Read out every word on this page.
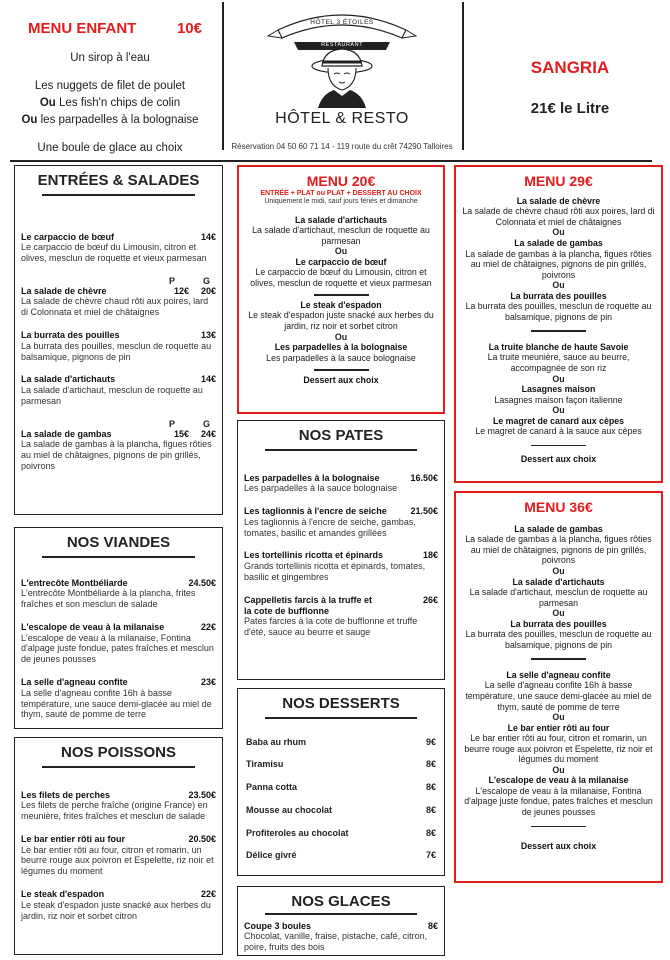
MENU ENFANT	10€
Un sirop à l'eau
Les nuggets de filet de poulet
Ou Les fish'n chips de colin
Ou les parpadelles à la bolognaise
Une boule de glace au choix
HÔTEL 3 ÉTOILES
RESTAURANT
HÔTEL & RESTO
Réservation 04 50 60 71 14 - 119 route du crêt 74290 Talloires
SANGRIA
21€ le Litre
ENTRÉES & SALADES
Le carpaccio de bœuf	14€
Le carpaccio de bœuf du Limousin, citron et olives, mesclun de roquette et vieux parmesan
P	G
La salade de chèvre	12€ 20€
La salade de chèvre chaud rôti aux poires, lard di Colonnata et miel de châtaignes
La burrata des pouilles	13€
La burrata des pouilles, mesclun de roquette au balsamique, pignons de pin
La salade d'artichauts	14€
La salade d'artichaut, mesclun de roquette au parmesan
P	G
La salade de gambas	15€ 24€
La salade de gambas à la plancha, figues rôties au miel de châtaignes, pignons de pin grillés, poivrons
NOS VIANDES
L'entrecôte Montbéliarde	24.50€
L'entrecôte Montbéliarde à la plancha, frites fraîches et son mesclun de salade
L'escalope de veau à la milanaise	22€
L'escalope de veau à la milanaise, Fontina d'alpage juste fondue, pates fraîches et mesclun de jeunes pousses
La selle d'agneau confite	23€
La selle d'agneau confite 16h à basse température, une sauce demi-glacée au miel de thym, sauté de pomme de terre
NOS POISSONS
Les filets de perches	23.50€
Les filets de perche fraîche (origine France) en meunière, frites fraîches et mesclun de salade
Le bar entier rôti au four	20.50€
Le bar entier rôti au four, citron et romarin, un beurre rouge aux poivron et Espelette, riz noir et légumes du moment
Le steak d'espadon	22€
Le steak d'espadon juste snacké aux herbes du jardin, riz noir et sorbet citron
MENU 20€
ENTRÉE + PLAT ou PLAT + DESSERT AU CHOIX
Uniquement le midi, sauf jours fériés et dimanche
La salade d'artichauts
La salade d'artichaut, mesclun de roquette au parmesan
Ou
Le carpaccio de bœuf
Le carpaccio de bœuf du Limousin, citron et olives, mesclun de roquette et vieux parmesan
Le steak d'espadon
Le steak d'espadon juste snacké aux herbes du jardin, riz noir et sorbet citron
Ou
Les parpadelles à la bolognaise
Les parpadelles à la sauce bolognaise
Dessert aux choix
NOS PATES
Les parpadelles à la bolognaise	16.50€
Les parpadelles à la sauce bolognaise
Les taglionnis à l'encre de seiche	21.50€
Les taglionnis à l'encre de seiche, gambas, tomates, basilic et amandes grillées
Les tortellinis ricotta et épinards	18€
Grands tortellinis ricotta et épinards, tomates, basilic et gingembres
Cappelletis farcis à la truffe et la cote de bufflonne
26€
Pates farcies à la cote de bufflonne et truffe d'été, sauce au beurre et sauge
NOS DESSERTS
Baba au rhum	9€
Tiramisu	8€
Panna cotta	8€
Mousse au chocolat	8€
Profiteroles au chocolat	8€
Délice givré	7€
NOS GLACES
Coupe 3 boules	8€
Chocolat, vanille, fraise, pistache, café, citron, poire, fruits des bois
MENU 29€
La salade de chèvre
La salade de chèvre chaud rôti aux poires, lard di Colonnata et miel de châtaignes
Ou
La salade de gambas
La salade de gambas à la plancha, figues rôties au miel de châtaignes, pignons de pin grillés, poivrons
Ou
La burrata des pouilles
La burrata des pouilles, mesclun de roquette au balsamique, pignons de pin
La truite blanche de haute Savoie
La truite meunière, sauce au beurre, accompagnée de son riz
Ou
Lasagnes maison
Lasagnes maison façon italienne
Ou
Le magret de canard aux cèpes
Le magret de canard à la sauce aux cèpes
Dessert aux choix
MENU 36€
La salade de gambas
La salade de gambas à la plancha, figues rôties au miel de châtaignes, pignons de pin grillés, poivrons
Ou
La salade d'artichauts
La salade d'artichaut, mesclun de roquette au parmesan
Ou
La burrata des pouilles
La burrata des pouilles, mesclun de roquette au balsamique, pignons de pin
La selle d'agneau confite
La selle d'agneau confite 16h à basse température, une sauce demi-glacée au miel de thym, sauté de pomme de terre
Ou
Le bar entier rôti au four
Le bar entier rôti au four, citron et romarin, un beurre rouge aux poivron et Espelette, riz noir et légumes du moment
Ou
L'escalope de veau à la milanaise
L'escalope de veau à la milanaise, Fontina d'alpage juste fondue, pates fraîches et mesclun de jeunes pousses
Dessert aux choix
